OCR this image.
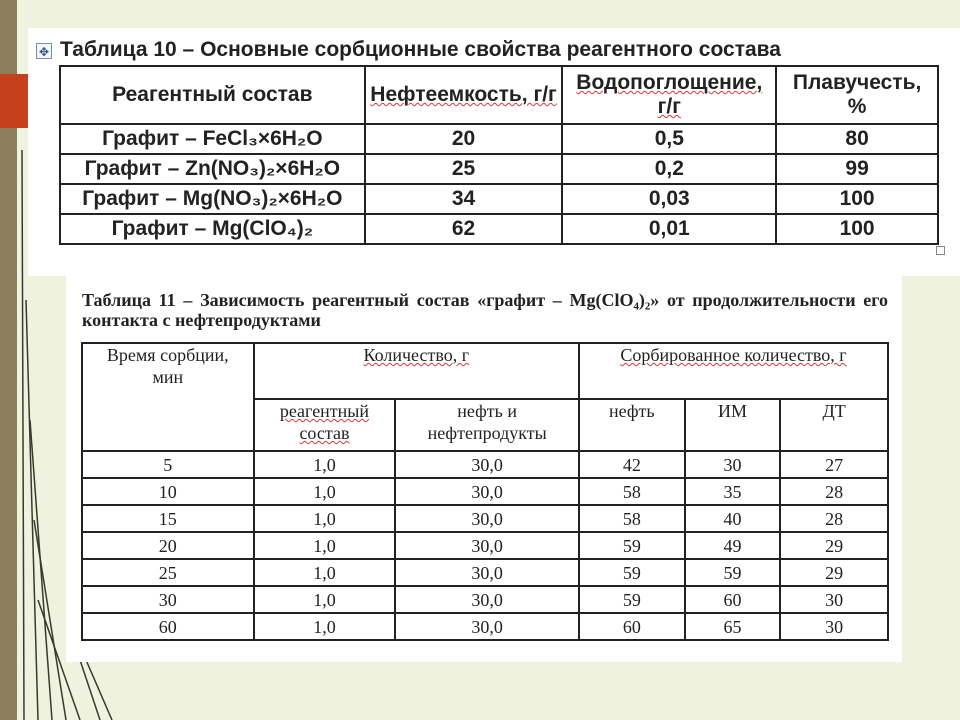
✥ Таблица 10 – Основные сорбционные свойства реагентного состава
Реагентный состав	Нефтеемкость, г/г	Водопоглощение, г/г	Плавучесть, %
Графит – FeCl₃×6H₂O	20	0,5	80
Графит – Zn(NO₃)₂×6H₂O	25	0,2	99
Графит – Mg(NO₃)₂×6H₂O	34	0,03	100
Графит – Mg(ClO₄)₂	62	0,01	100
Таблица 11 – Зависимость реагентный состав «графит – Mg(ClO₄)₂» от продолжительности его контакта с нефтепродуктами
Время сорбции, мин	Количество, г		Сорбированное количество, г		
	реагентный состав	нефть и нефтепродукты	нефть	ИМ	ДТ
5	1,0	30,0	42	30	27
10	1,0	30,0	58	35	28
15	1,0	30,0	58	40	28
20	1,0	30,0	59	49	29
25	1,0	30,0	59	59	29
30	1,0	30,0	59	60	30
60	1,0	30,0	60	65	30
